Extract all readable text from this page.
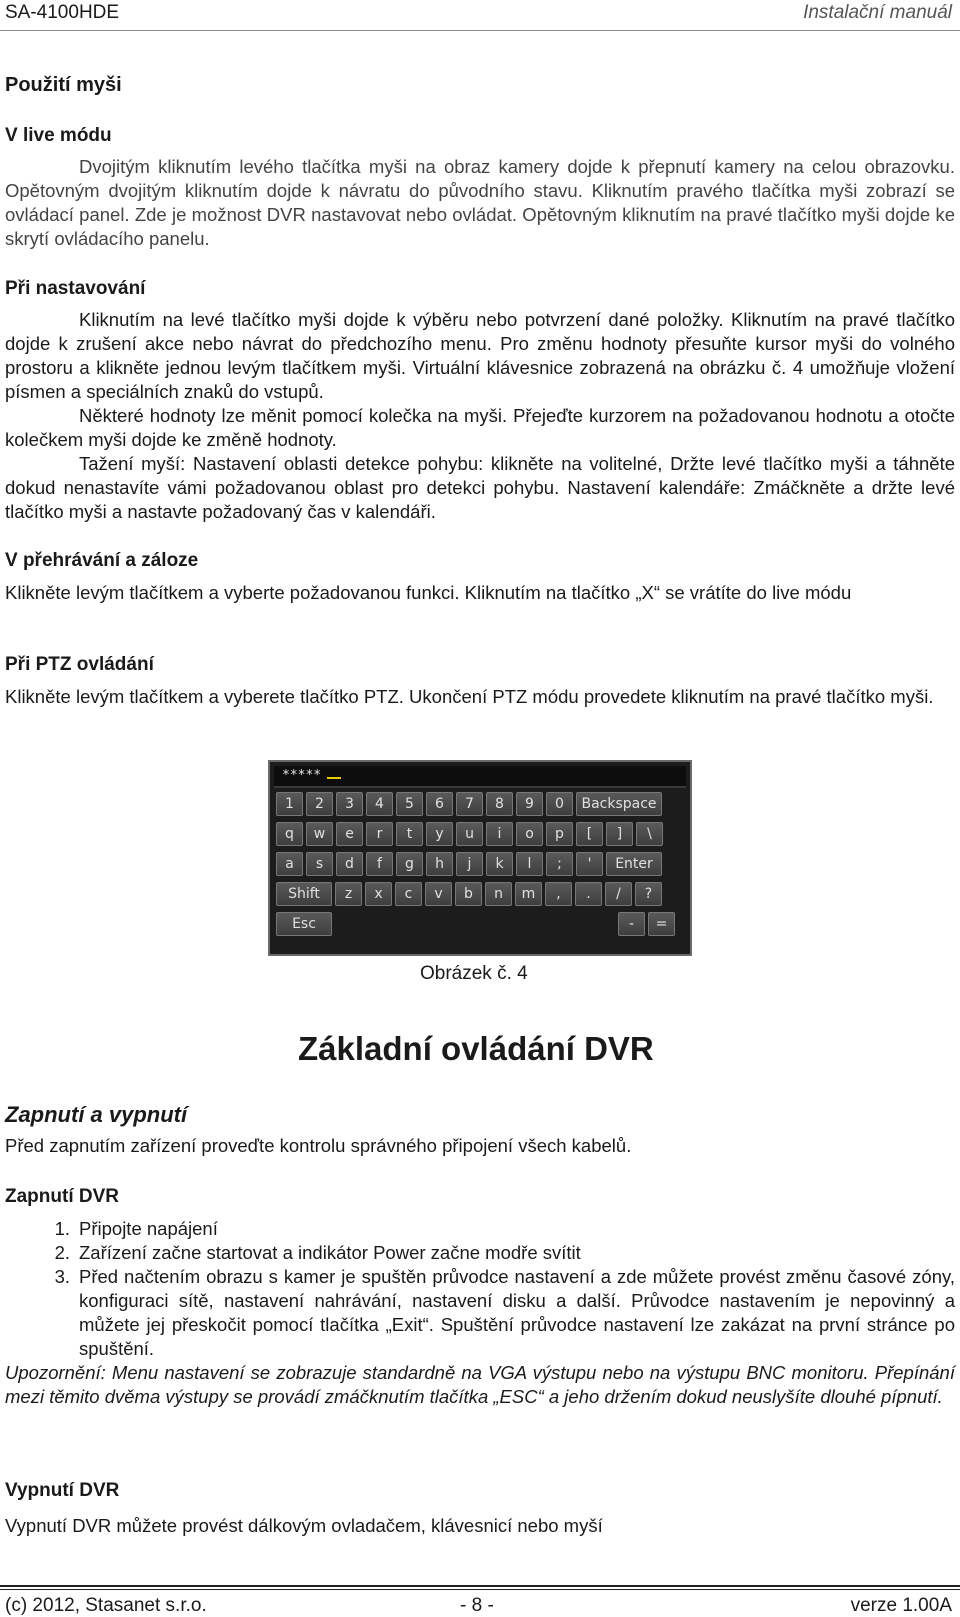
SA-4100HDE	Instalační manuál
Použití myši
V live módu
Dvojitým kliknutím levého tlačítka myši na obraz kamery dojde k přepnutí kamery na celou obrazovku. Opětovným dvojitým kliknutím dojde k návratu do původního stavu. Kliknutím pravého tlačítka myši zobrazí se ovládací panel. Zde je možnost DVR nastavovat nebo ovládat. Opětovným kliknutím na pravé tlačítko myši dojde ke skrytí ovládacího panelu.
Při nastavování
Kliknutím na levé tlačítko myši dojde k výběru nebo potvrzení dané položky. Kliknutím na pravé tlačítko dojde k zrušení akce nebo návrat do předchozího menu. Pro změnu hodnoty přesuňte kursor myši do volného prostoru a klikněte jednou levým tlačítkem myši. Virtuální klávesnice zobrazená na obrázku č. 4 umožňuje vložení písmen a speciálních znaků do vstupů.
Některé hodnoty lze měnit pomocí kolečka na myši. Přejeďte kurzorem na požadovanou hodnotu a otočte kolečkem myši dojde ke změně hodnoty.
Tažení myší: Nastavení oblasti detekce pohybu: klikněte na volitelné, Držte levé tlačítko myši a táhněte dokud nenastavíte vámi požadovanou oblast pro detekci pohybu. Nastavení kalendáře: Zmáčkněte a držte levé tlačítko myši a nastavte požadovaný čas v kalendáři.
V přehrávání a záloze
Klikněte levým tlačítkem a vyberte požadovanou funkci. Kliknutím na tlačítko „X“ se vrátíte do live módu
Při PTZ ovládání
Klikněte levým tlačítkem a vyberete tlačítko PTZ. Ukončení PTZ módu provedete kliknutím na pravé tlačítko myši.
*****
1	2	3	4	5	6	7	8	9	0	Backspace
q	w	e	r	t	y	u	i	o	p	[	]	\
a	s	d	f	g	h	j	k	l	;	'	Enter
Shift	z	x	c	v	b	n	m	,	.	/	?
Esc	-	=
Obrázek č. 4
Základní ovládání DVR
Zapnutí a vypnutí
Před zapnutím zařízení proveďte kontrolu správného připojení všech kabelů.
Zapnutí DVR
1. Připojte napájení
2. Zařízení začne startovat a indikátor Power začne modře svítit
3. Před načtením obrazu s kamer je spuštěn průvodce nastavení a zde můžete provést změnu časové zóny, konfiguraci sítě, nastavení nahrávání, nastavení disku a další. Průvodce nastavením je nepovinný a můžete jej přeskočit pomocí tlačítka „Exit“. Spuštění průvodce nastavení lze zakázat na první stránce po spuštění.
Upozornění: Menu nastavení se zobrazuje standardně na VGA výstupu nebo na výstupu BNC monitoru. Přepínání mezi těmito dvěma výstupy se provádí zmáčknutím tlačítka „ESC“ a jeho držením dokud neuslyšíte dlouhé pípnutí.
Vypnutí DVR
Vypnutí DVR můžete provést dálkovým ovladačem, klávesnicí nebo myší
(c) 2012, Stasanet s.r.o.	- 8 -	verze 1.00A
